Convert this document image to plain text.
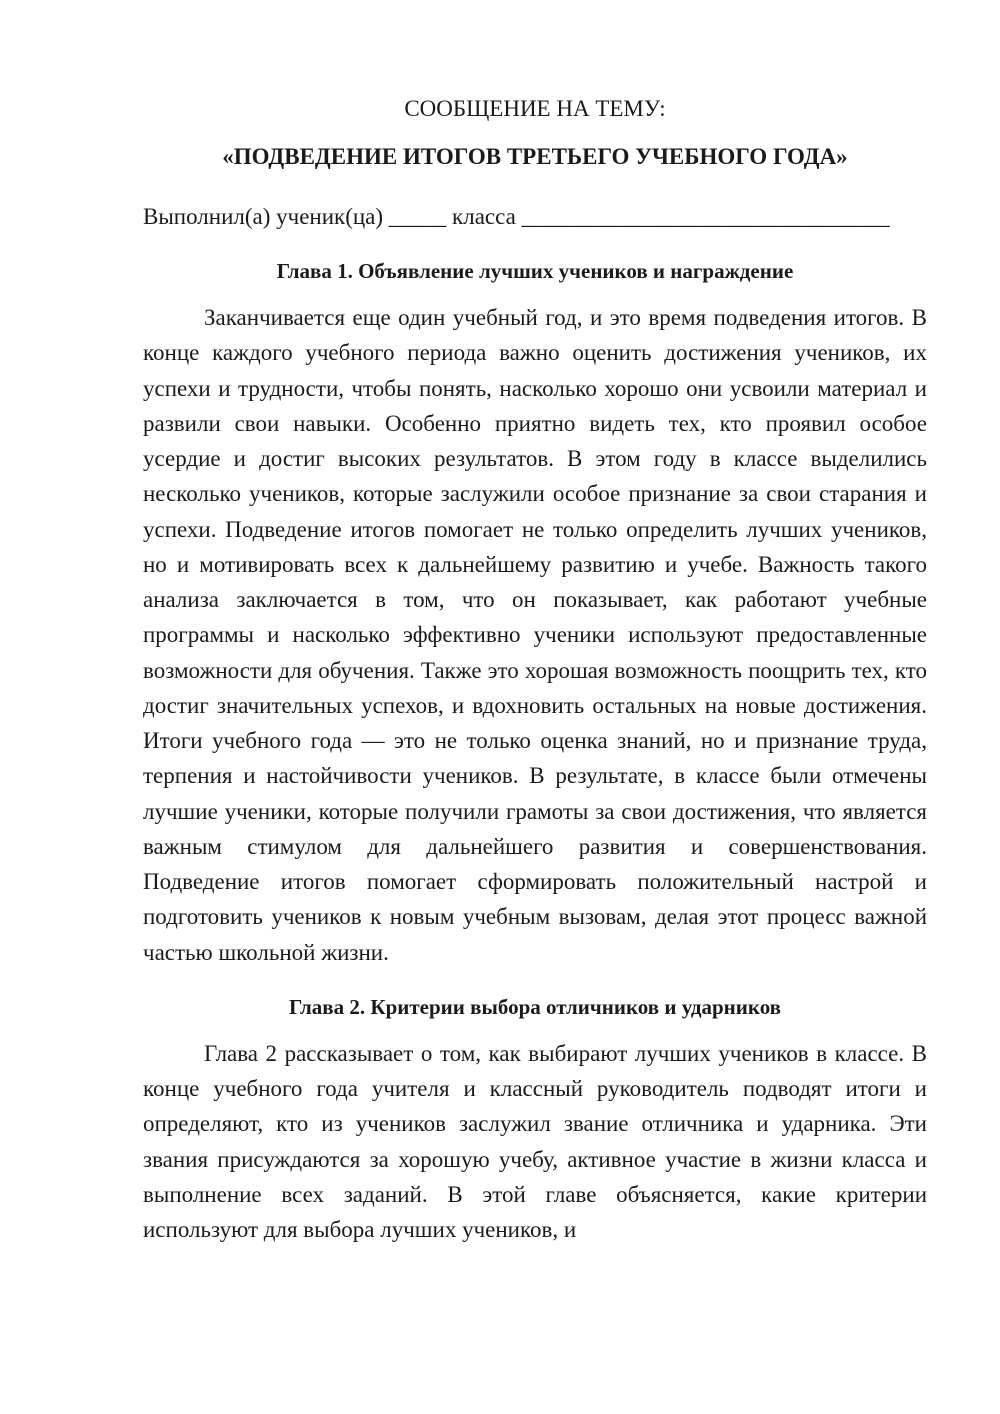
СООБЩЕНИЕ НА ТЕМУ:

«ПОДВЕДЕНИЕ ИТОГОВ ТРЕТЬЕГО УЧЕБНОГО ГОДА»

Выполнил(а) ученик(ца) _____ класса ________________________________

Глава 1. Объявление лучших учеников и награждение

Заканчивается еще один учебный год, и это время подведения итогов. В конце каждого учебного периода важно оценить достижения учеников, их успехи и трудности, чтобы понять, насколько хорошо они усвоили материал и развили свои навыки. Особенно приятно видеть тех, кто проявил особое усердие и достиг высоких результатов. В этом году в классе выделились несколько учеников, которые заслужили особое признание за свои старания и успехи. Подведение итогов помогает не только определить лучших учеников, но и мотивировать всех к дальнейшему развитию и учебе. Важность такого анализа заключается в том, что он показывает, как работают учебные программы и насколько эффективно ученики используют предоставленные возможности для обучения. Также это хорошая возможность поощрить тех, кто достиг значительных успехов, и вдохновить остальных на новые достижения. Итоги учебного года — это не только оценка знаний, но и признание труда, терпения и настойчивости учеников. В результате, в классе были отмечены лучшие ученики, которые получили грамоты за свои достижения, что является важным стимулом для дальнейшего развития и совершенствования. Подведение итогов помогает сформировать положительный настрой и подготовить учеников к новым учебным вызовам, делая этот процесс важной частью школьной жизни.

Глава 2. Критерии выбора отличников и ударников

Глава 2 рассказывает о том, как выбирают лучших учеников в классе. В конце учебного года учителя и классный руководитель подводят итоги и определяют, кто из учеников заслужил звание отличника и ударника. Эти звания присуждаются за хорошую учебу, активное участие в жизни класса и выполнение всех заданий. В этой главе объясняется, какие критерии используют для выбора лучших учеников, и
